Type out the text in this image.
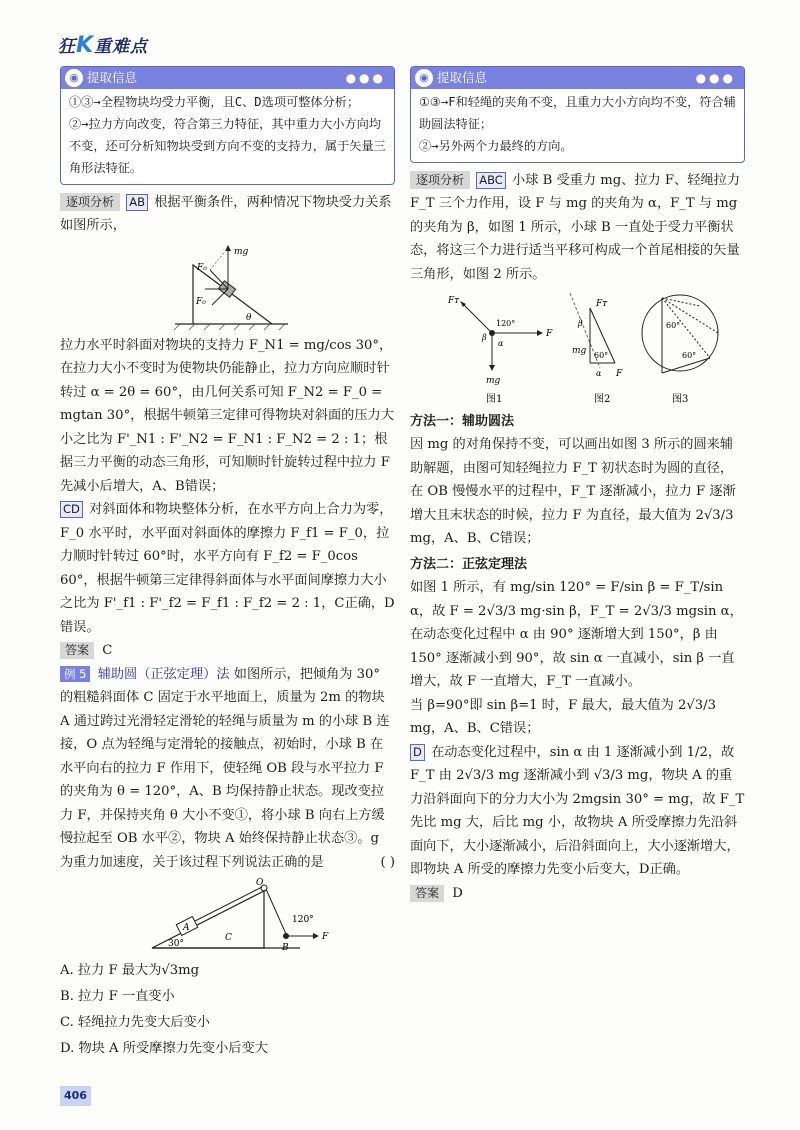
狂K重难点
◉ 提取信息	●●●

①③→全程物块均受力平衡，且C、D选项可整体分析；

②→拉力方向改变，符合第三力特征，其中重力大小方向均不变，还可分析知物块受到方向不变的支持力，属于矢量三角形法特征。

逐项分析 AB 根据平衡条件，两种情况下物块受力关系如图所示，

mg
F₀
F₀
θ

拉力水平时斜面对物块的支持力 F_N1 = mg/cos 30°，在拉力大小不变时为使物块仍能静止，拉力方向应顺时针转过 α = 2θ = 60°，由几何关系可知 F_N2 = F_0 = mgtan 30°，根据牛顿第三定律可得物块对斜面的压力大小之比为 F'_N1 : F'_N2 = F_N1 : F_N2 = 2 : 1；根据三力平衡的动态三角形，可知顺时针旋转过程中拉力 F 先减小后增大，A、B错误；

CD 对斜面体和物块整体分析，在水平方向上合力为零，F_0 水平时，水平面对斜面体的摩擦力 F_f1 = F_0，拉力顺时针转过 60°时，水平方向有 F_f2 = F_0cos 60°，根据牛顿第三定律得斜面体与水平面间摩擦力大小之比为 F'_f1 : F'_f2 = F_f1 : F_f2 = 2 : 1，C正确，D错误。

答案 C

例 5 辅助圆（正弦定理）法 如图所示，把倾角为 30° 的粗糙斜面体 C 固定于水平地面上，质量为 2m 的物块 A 通过跨过光滑轻定滑轮的轻绳与质量为 m 的小球 B 连接，O 点为轻绳与定滑轮的接触点，初始时，小球 B 在水平向右的拉力 F 作用下，使轻绳 OB 段与水平拉力 F 的夹角为 θ = 120°，A、B 均保持静止状态。现改变拉力 F，并保持夹角 θ 大小不变①，将小球 B 向右上方缓慢拉起至 OB 水平②，物块 A 始终保持静止状态③。g 为重力加速度，关于该过程下列说法正确的是	( )

A
O
C
B
F
120°
30°
A. 拉力 F 最大为√3mg
B. 拉力 F 一直变小
C. 轻绳拉力先变大后变小
D. 物块 A 所受摩擦力先变小后变大
◉ 提取信息	●●●

①③→F和轻绳的夹角不变，且重力大小方向均不变，符合辅助圆法特征；

②→另外两个力最终的方向。

逐项分析 ABC 小球 B 受重力 mg、拉力 F、轻绳拉力 F_T 三个力作用，设 F 与 mg 的夹角为 α，F_T 与 mg 的夹角为 β，如图 1 所示，小球 B 一直处于受力平衡状态，将这三个力进行适当平移可构成一个首尾相接的矢量三角形，如图 2 所示。

Fᴛ
F
mg
120°
β
α
图1
Fᴛ
β
mg 60°
α F
图2
60°
60°
图3

方法一：辅助圆法

因 mg 的对角保持不变，可以画出如图 3 所示的圆来辅助解题，由图可知轻绳拉力 F_T 初状态时为圆的直径，在 OB 慢慢水平的过程中，F_T 逐渐减小，拉力 F 逐渐增大且末状态的时候，拉力 F 为直径，最大值为 2√3/3 mg，A、B、C错误；

方法二：正弦定理法

如图 1 所示，有 mg/sin 120° = F/sin β = F_T/sin α，故 F = 2√3/3 mg·sin β，F_T = 2√3/3 mgsin α，在动态变化过程中 α 由 90° 逐渐增大到 150°，β 由 150° 逐渐减小到 90°，故 sin α 一直减小，sin β 一直增大，故 F 一直增大，F_T 一直减小。

当 β=90°即 sin β=1 时，F 最大，最大值为 2√3/3 mg，A、B、C错误；

D 在动态变化过程中，sin α 由 1 逐渐减小到 1/2，故 F_T 由 2√3/3 mg 逐渐减小到 √3/3 mg，物块 A 的重力沿斜面向下的分力大小为 2mgsin 30° = mg，故 F_T 先比 mg 大，后比 mg 小，故物块 A 所受摩擦力先沿斜面向下，大小逐渐减小，后沿斜面向上，大小逐渐增大，即物块 A 所受的摩擦力先变小后变大，D正确。

答案 D

406
